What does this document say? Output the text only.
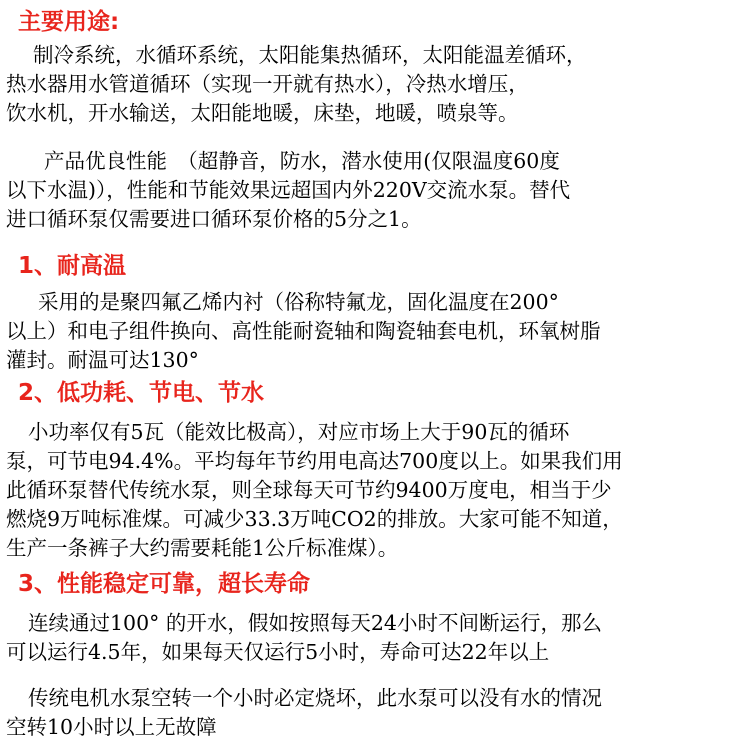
主要用途:
制冷系统，水循环系统，太阳能集热循环，太阳能温差循环，
热水器用水管道循环（实现一开就有热水），冷热水增压，
饮水机，开水输送，太阳能地暖，床垫，地暖，喷泉等。
产品优良性能　（超静音，防水，潜水使用(仅限温度60度
以下水温)），性能和节能效果远超国内外220V交流水泵。替代
进口循环泵仅需要进口循环泵价格的5分之1。
1、耐高温
采用的是聚四氟乙烯内衬（俗称特氟龙，固化温度在200°
以上）和电子组件换向、高性能耐瓷轴和陶瓷轴套电机，环氧树脂
灌封。耐温可达130°
2、低功耗、节电、节水
小功率仅有5瓦（能效比极高），对应市场上大于90瓦的循环
泵，可节电94.4%。平均每年节约用电高达700度以上。如果我们用
此循环泵替代传统水泵，则全球每天可节约9400万度电，相当于少
燃烧9万吨标准煤。可减少33.3万吨CO2的排放。大家可能不知道，
生产一条裤子大约需要耗能1公斤标准煤）。
3、性能稳定可靠，超长寿命
连续通过100° 的开水，假如按照每天24小时不间断运行，那么
可以运行4.5年，如果每天仅运行5小时，寿命可达22年以上
传统电机水泵空转一个小时必定烧坏，此水泵可以没有水的情况
空转10小时以上无故障
